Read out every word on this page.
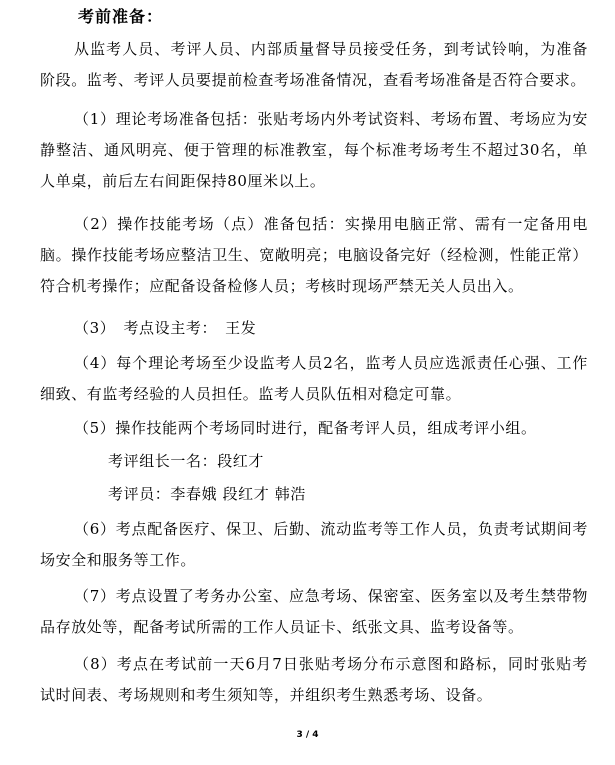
考前准备：

从监考人员、考评人员、内部质量督导员接受任务，到考试铃响，为准备阶段。监考、考评人员要提前检查考场准备情况，查看考场准备是否符合要求。

（1）理论考场准备包括：张贴考场内外考试资料、考场布置、考场应为安静整洁、通风明亮、便于管理的标准教室，每个标准考场考生不超过30名，单人单桌，前后左右间距保持80厘米以上。

（2）操作技能考场（点）准备包括：实操用电脑正常、需有一定备用电脑。操作技能考场应整洁卫生、宽敞明亮；电脑设备完好（经检测，性能正常）符合机考操作；应配备设备检修人员；考核时现场严禁无关人员出入。

（3）　考点设主考：　王发

（4）每个理论考场至少设监考人员2名，监考人员应选派责任心强、工作细致、有监考经验的人员担任。监考人员队伍相对稳定可靠。

（5）操作技能两个考场同时进行，配备考评人员，组成考评小组。

考评组长一名：段红才

考评员：李春娥 段红才 韩浩

（6）考点配备医疗、保卫、后勤、流动监考等工作人员，负责考试期间考场安全和服务等工作。

（7）考点设置了考务办公室、应急考场、保密室、医务室以及考生禁带物品存放处等，配备考试所需的工作人员证卡、纸张文具、监考设备等。

（8）考点在考试前一天6月7日张贴考场分布示意图和路标，同时张贴考试时间表、考场规则和考生须知等，并组织考生熟悉考场、设备。

3 / 4
